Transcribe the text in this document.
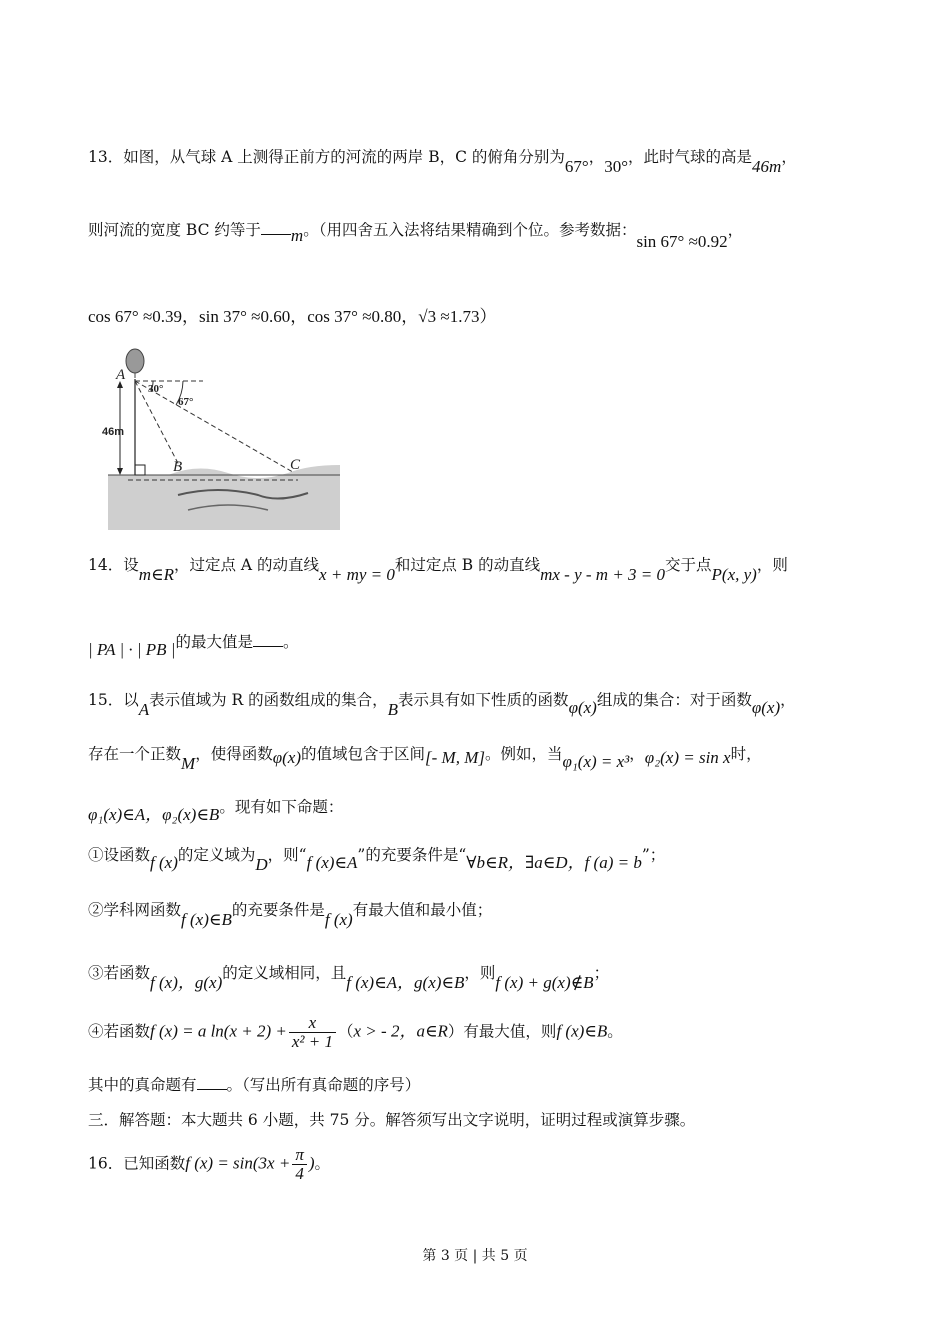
13．如图，从气球 A 上测得正前方的河流的两岸 B，C 的俯角分别为67°，30°，此时气球的高是46m，
则河流的宽度 BC 约等于 m。（用四舍五入法将结果精确到个位。参考数据：sin 67° ≈0.92，
cos 67° ≈0.39，sin 37° ≈0.60，cos 37° ≈0.80，√3 ≈1.73）
A
B	C
30°
67°
46m
14．设m∈R，过定点 A 的动直线x + my = 0和过定点 B 的动直线mx - y - m + 3 = 0交于点P(x, y)，则
| PA | · | PB |的最大值是 。
15．以A表示值域为 R 的函数组成的集合，B表示具有如下性质的函数φ(x)组成的集合：对于函数φ(x)，
存在一个正数M，使得函数φ(x)的值域包含于区间[- M, M]。例如，当φ₁(x) = x³，φ₂(x) = sin x时，
φ₁(x)∈A，φ₂(x)∈B。现有如下命题：
①设函数f (x)的定义域为D，则“f (x)∈A”的充要条件是“∀b∈R，∃a∈D，f (a) = b”；
②学科网函数f (x)∈B的充要条件是f (x)有最大值和最小值；
③若函数f (x)，g(x)的定义域相同，且f (x)∈A，g(x)∈B，则f (x) + g(x)∉B；
④若函数f (x) = a $\ln(x + 2) + \frac{x}{\text{x² + 1}} (x$ > - 2，a∈R）有最大值，则f (x)∈B。
其中的真命题有 。（写出所有真命题的序号）
三．解答题：本大题共 6 小题，共 75 分。解答须写出文字说明，证明过程或演算步骤。
16．已知函数f $(x) = \sin(3x + \frac{\pi}{4}$ )。
第 3 页 | 共 5 页
